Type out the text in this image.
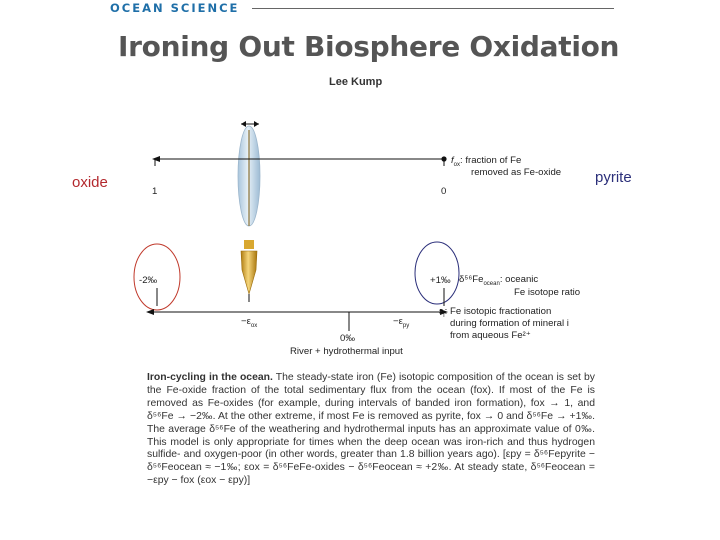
OCEAN SCIENCE
Ironing Out Biosphere Oxidation
Lee Kump
oxide	pyrite
$f_{ox}$: fraction of Fe
removed as Fe-oxide
1	0
-2‰	+1‰ $\delta^{56}Fe_{ocean}$: oceanic
Fe isotope ratio
$-\varepsilon_{ox}$	$-\varepsilon_{py}$
$\varepsilon_i$: Fe isotopic fractionation
during formation of mineral i
from aqueous Fe²⁺
0‰
River + hydrothermal input
Iron-cycling in the ocean. The steady-state iron (Fe) isotopic composition of the ocean is set by the Fe-oxide fraction of the total sedimentary flux from the ocean (fox). If most of the Fe is removed as Fe-oxides (for example, during intervals of banded iron formation), fox → 1, and δ⁵⁶Fe → −2‰. At the other extreme, if most Fe is removed as pyrite, fox → 0 and δ⁵⁶Fe → +1‰. The average δ⁵⁶Fe of the weathering and hydrothermal inputs has an approximate value of 0‰. This model is only appropriate for times when the deep ocean was iron-rich and thus hydrogen sulfide- and oxygen-poor (in other words, greater than 1.8 billion years ago). [εpy = δ⁵⁶Fepyrite − δ⁵⁶Feocean ≈ −1‰; εox = δ⁵⁶FeFe-oxides − δ⁵⁶Feocean ≈ +2‰. At steady state, δ⁵⁶Feocean = −εpy − fox (εox − εpy)]
